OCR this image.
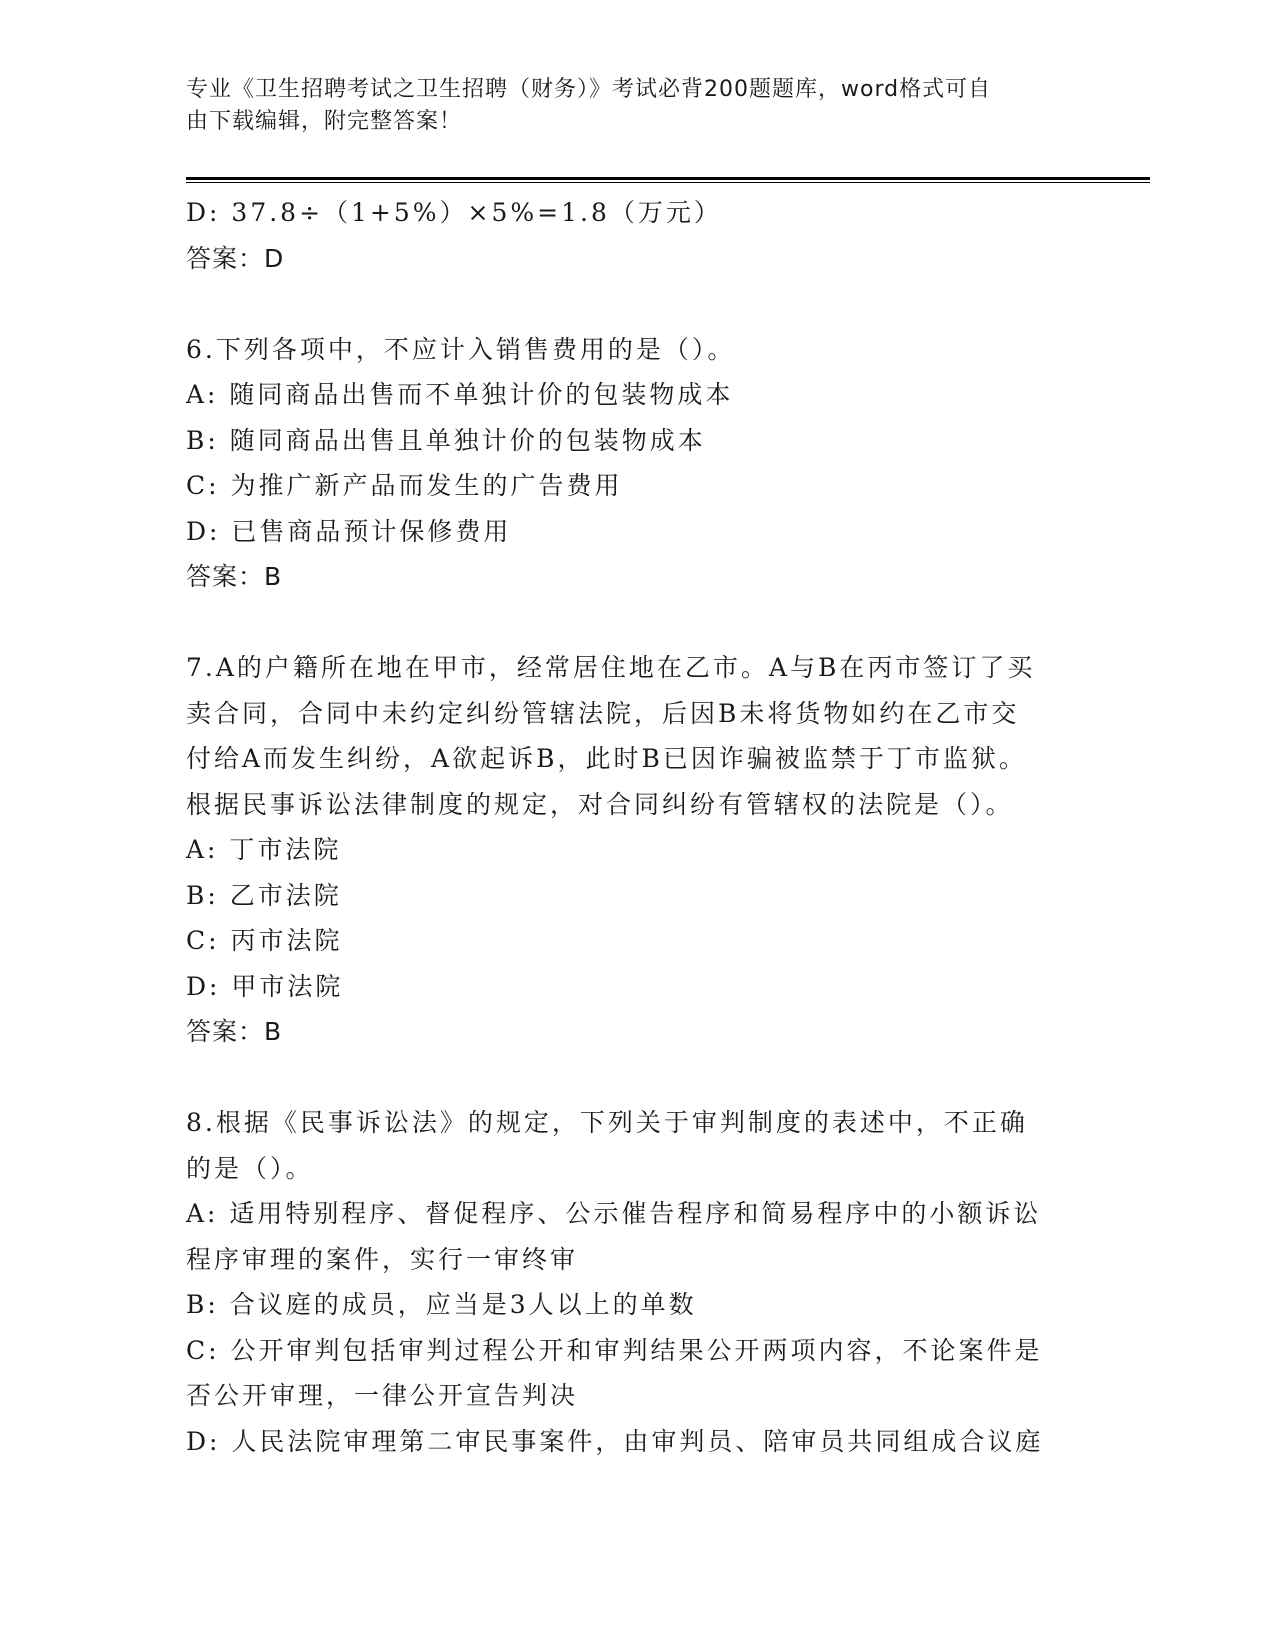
专业《卫生招聘考试之卫生招聘（财务）》考试必背200题题库，word格式可自
由下载编辑，附完整答案！
D: 37.8÷（1+5%）×5%=1.8（万元）
答案：D
6.下列各项中，不应计入销售费用的是（）。
A: 随同商品出售而不单独计价的包装物成本
B: 随同商品出售且单独计价的包装物成本
C: 为推广新产品而发生的广告费用
D: 已售商品预计保修费用
答案：B
7.A的户籍所在地在甲市，经常居住地在乙市。A与B在丙市签订了买
卖合同，合同中未约定纠纷管辖法院，后因B未将货物如约在乙市交
付给A而发生纠纷，A欲起诉B，此时B已因诈骗被监禁于丁市监狱。
根据民事诉讼法律制度的规定，对合同纠纷有管辖权的法院是（）。
A: 丁市法院
B: 乙市法院
C: 丙市法院
D: 甲市法院
答案：B
8.根据《民事诉讼法》的规定，下列关于审判制度的表述中，不正确
的是（）。
A: 适用特别程序、督促程序、公示催告程序和简易程序中的小额诉讼
程序审理的案件，实行一审终审
B: 合议庭的成员，应当是3人以上的单数
C: 公开审判包括审判过程公开和审判结果公开两项内容，不论案件是
否公开审理，一律公开宣告判决
D: 人民法院审理第二审民事案件，由审判员、陪审员共同组成合议庭
